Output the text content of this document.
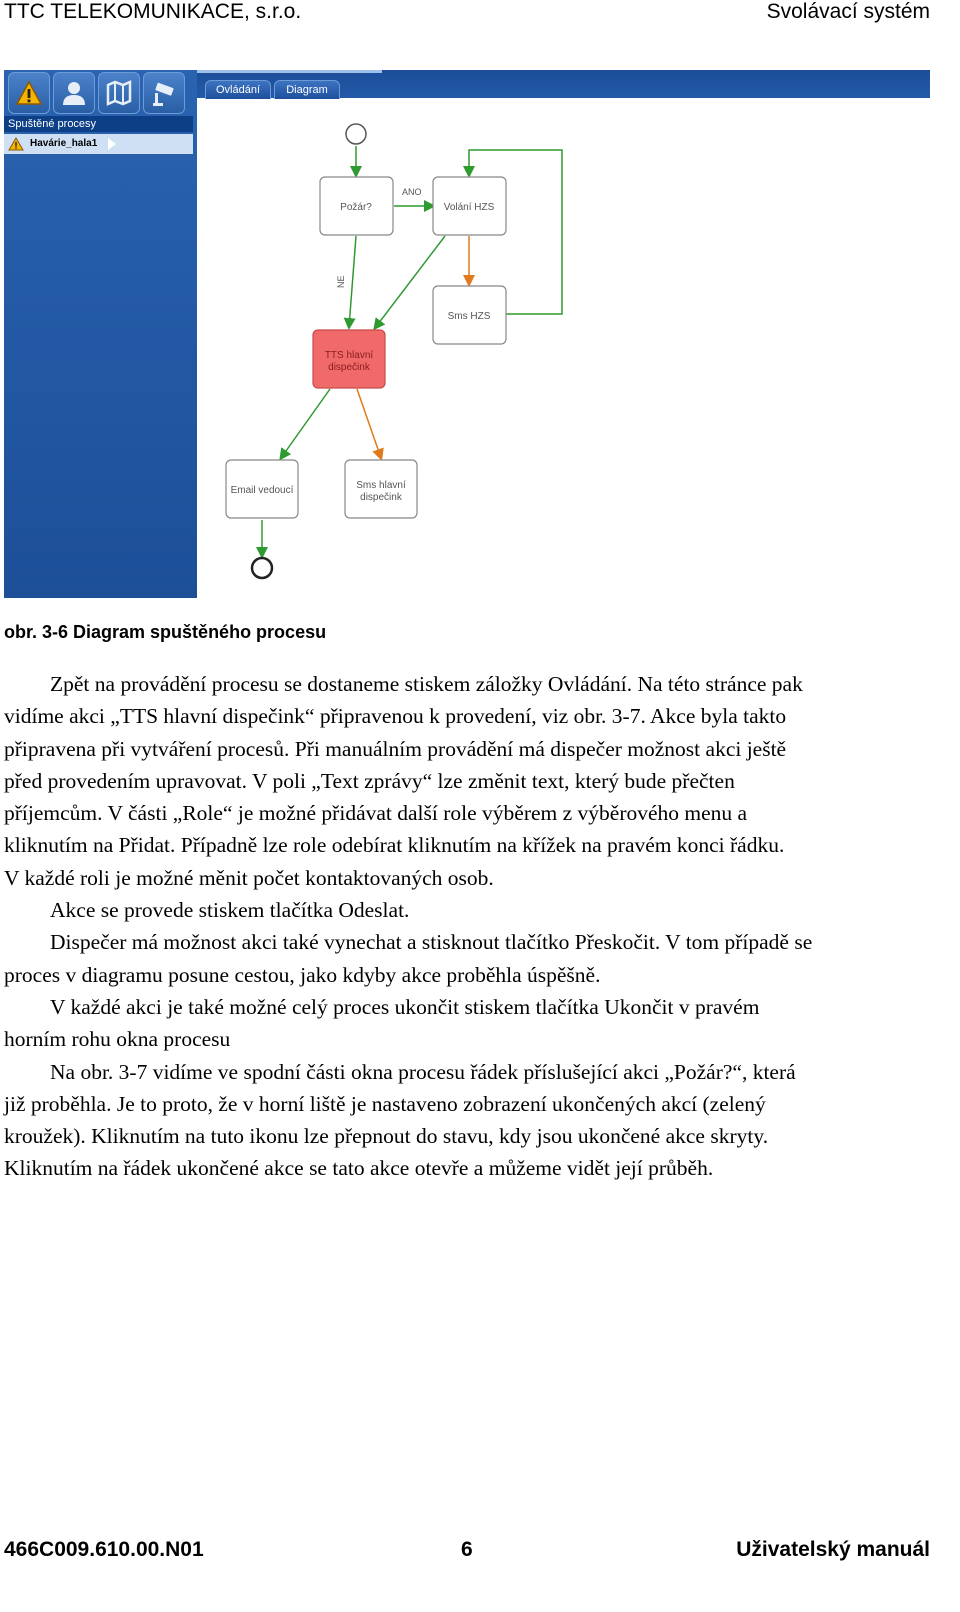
TTC TELEKOMUNIKACE, s.r.o.	Svolávací systém
Spuštěné procesy
Havárie_hala1
Ovládání	Diagram
ANO
NE
Požár?	Volání HZS
Sms HZS
TTS hlavní
dispečink
Email vedoucí	Sms hlavní
dispečink
obr. 3-6 Diagram spuštěného procesu

Zpět na provádění procesu se dostaneme stiskem záložky Ovládání. Na této stránce pak

vidíme akci „TTS hlavní dispečink“ připravenou k provedení, viz obr. 3-7. Akce byla takto

připravena při vytváření procesů. Při manuálním provádění má dispečer možnost akci ještě

před provedením upravovat. V poli „Text zprávy“ lze změnit text, který bude přečten

příjemcům. V části „Role“ je možné přidávat další role výběrem z výběrového menu a

kliknutím na Přidat. Případně lze role odebírat kliknutím na křížek na pravém konci řádku.

V každé roli je možné měnit počet kontaktovaných osob.

Akce se provede stiskem tlačítka Odeslat.

Dispečer má možnost akci také vynechat a stisknout tlačítko Přeskočit. V tom případě se

proces v diagramu posune cestou, jako kdyby akce proběhla úspěšně.

V každé akci je také možné celý proces ukončit stiskem tlačítka Ukončit v pravém

horním rohu okna procesu

Na obr. 3-7 vidíme ve spodní části okna procesu řádek příslušející akci „Požár?“, která

již proběhla. Je to proto, že v horní liště je nastaveno zobrazení ukončených akcí (zelený

kroužek). Kliknutím na tuto ikonu lze přepnout do stavu, kdy jsou ukončené akce skryty.

Kliknutím na řádek ukončené akce se tato akce otevře a můžeme vidět její průběh.

466C009.610.00.N01	6	Uživatelský manuál
